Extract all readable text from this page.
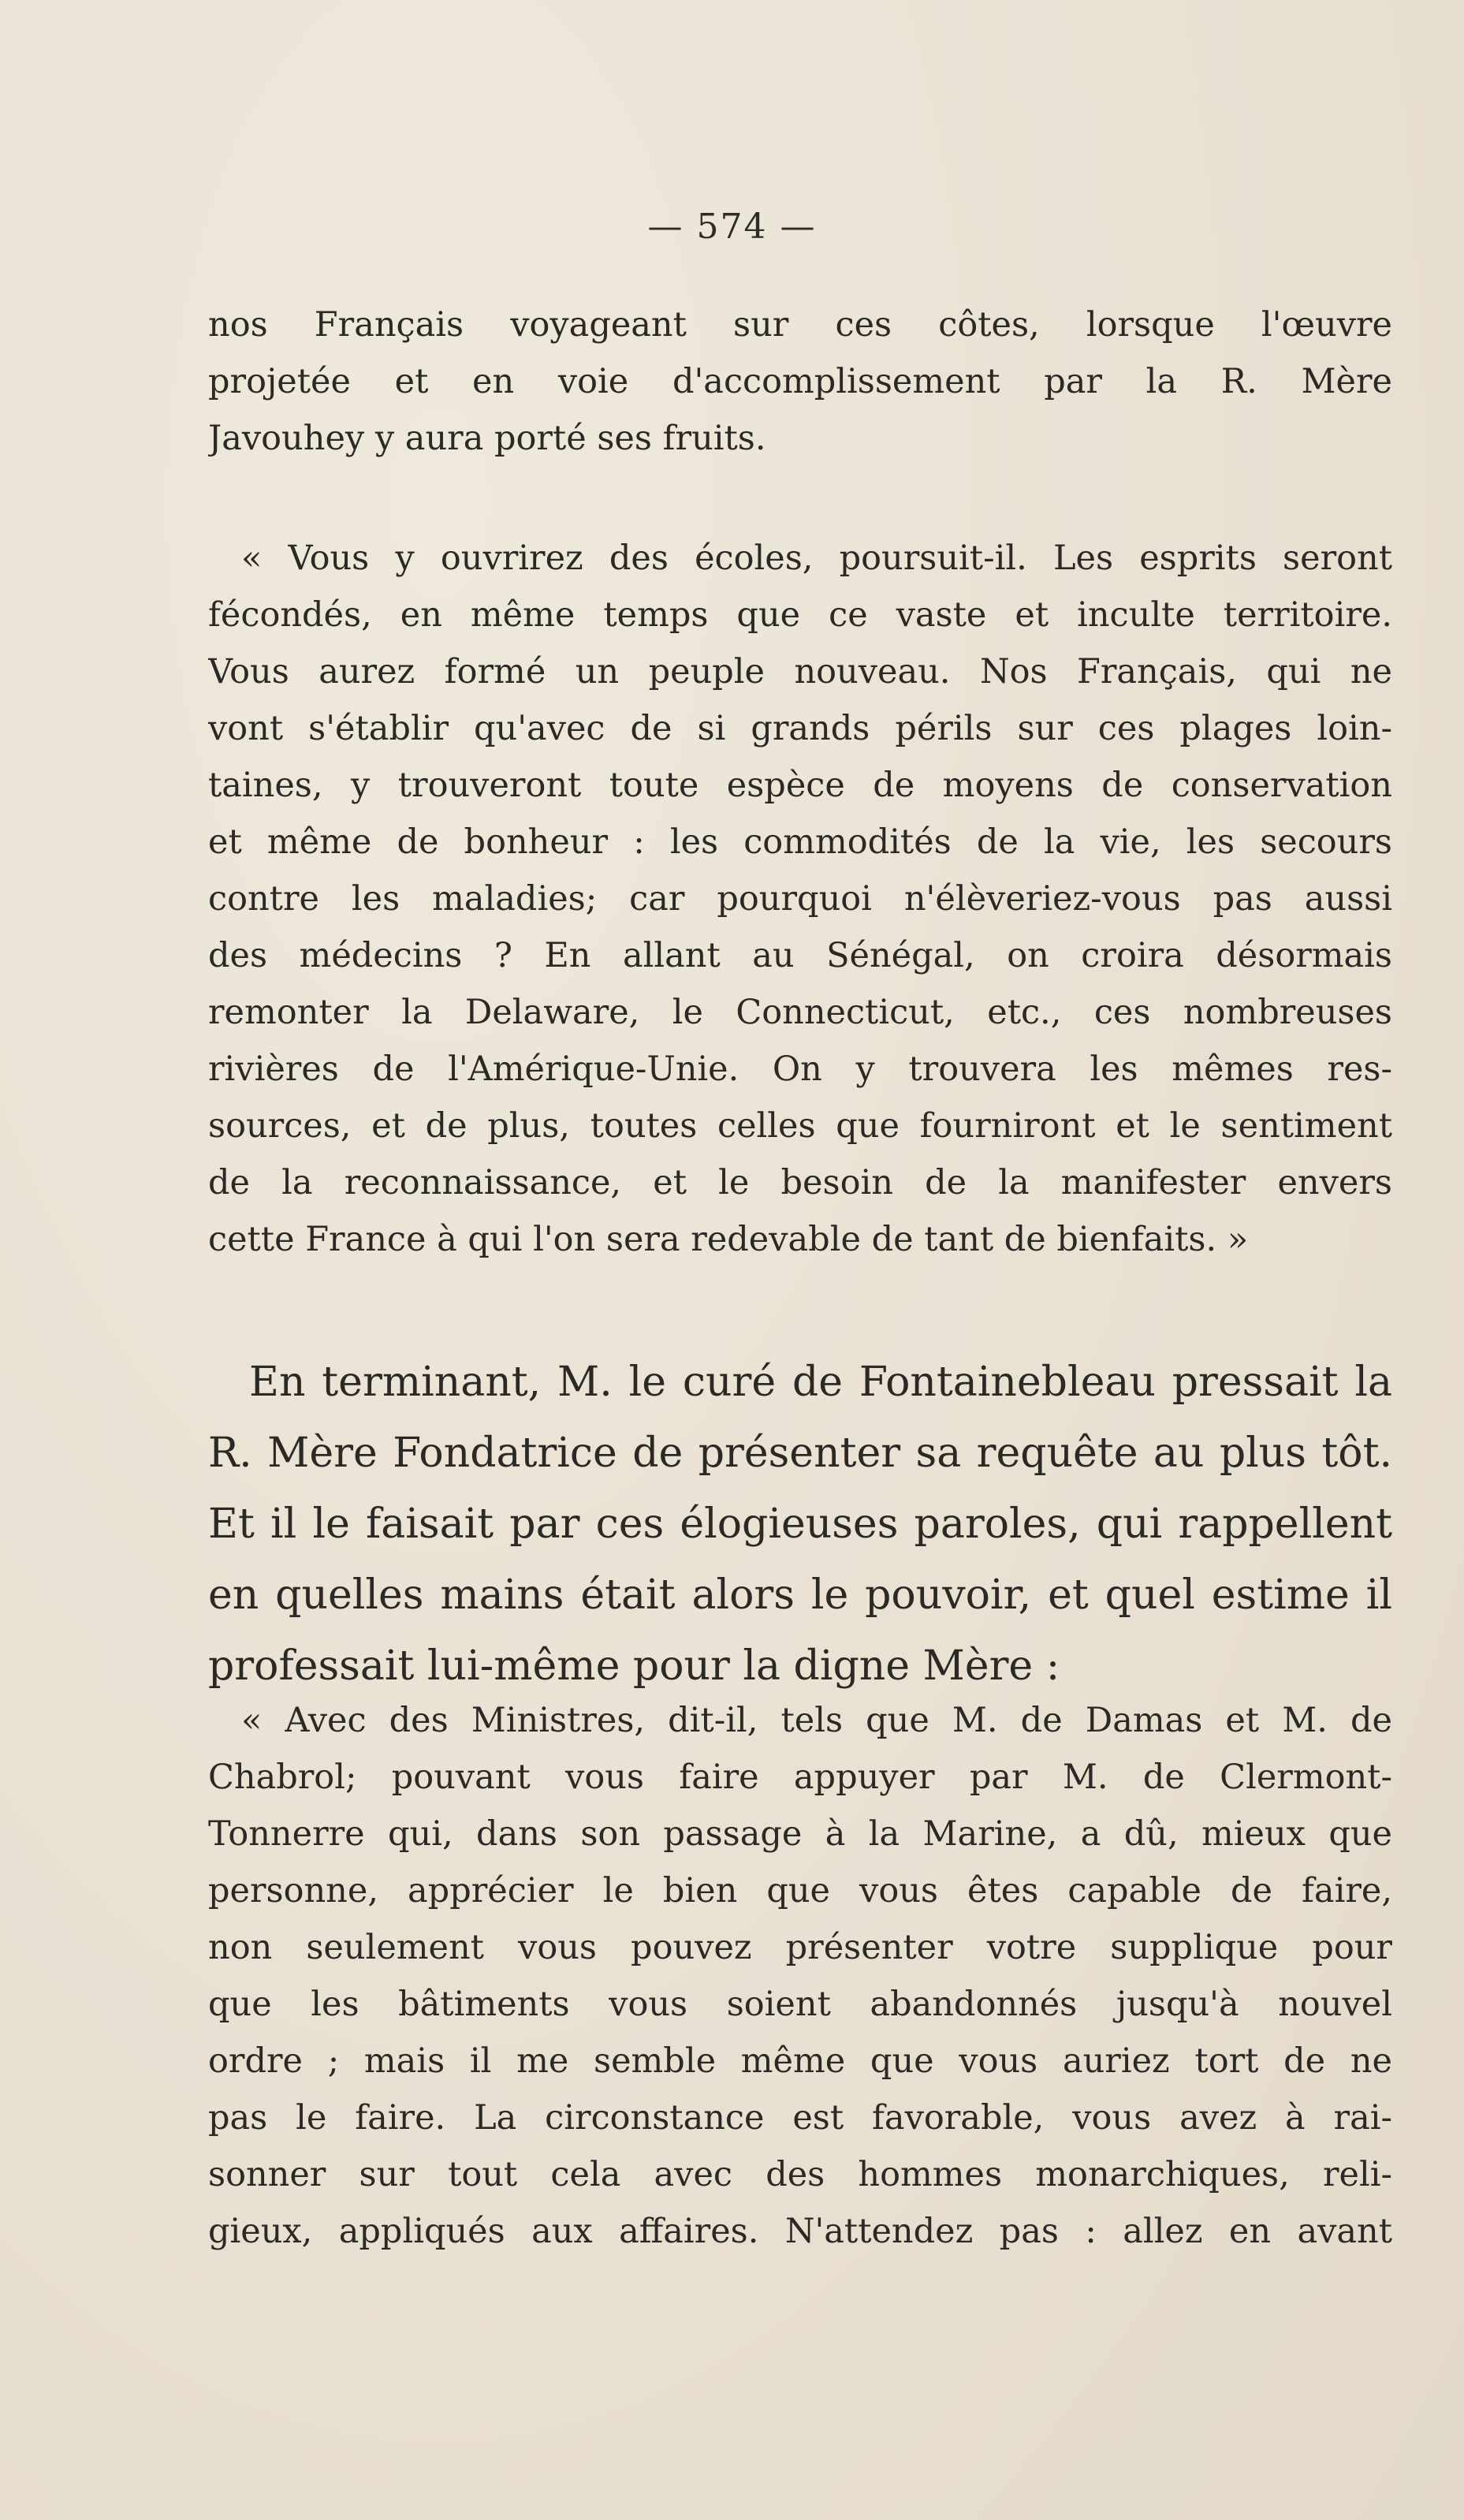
— 574 —
nos Français voyageant sur ces côtes, lorsque l'œuvre
projetée et en voie d'accomplissement par la R. Mère
Javouhey y aura porté ses fruits.
« Vous y ouvrirez des écoles, poursuit-il. Les esprits seront
fécondés, en même temps que ce vaste et inculte territoire.
Vous aurez formé un peuple nouveau. Nos Français, qui ne
vont s'établir qu'avec de si grands périls sur ces plages loin-
taines, y trouveront toute espèce de moyens de conservation
et même de bonheur : les commodités de la vie, les secours
contre les maladies; car pourquoi n'élèveriez-vous pas aussi
des médecins ? En allant au Sénégal, on croira désormais
remonter la Delaware, le Connecticut, etc., ces nombreuses
rivières de l'Amérique-Unie. On y trouvera les mêmes res-
sources, et de plus, toutes celles que fourniront et le sentiment
de la reconnaissance, et le besoin de la manifester envers
cette France à qui l'on sera redevable de tant de bienfaits. »
En terminant, M. le curé de Fontainebleau pressait la
R. Mère Fondatrice de présenter sa requête au plus tôt.
Et il le faisait par ces élogieuses paroles, qui rappellent
en quelles mains était alors le pouvoir, et quel estime il
professait lui-même pour la digne Mère :
« Avec des Ministres, dit-il, tels que M. de Damas et M. de
Chabrol; pouvant vous faire appuyer par M. de Clermont-
Tonnerre qui, dans son passage à la Marine, a dû, mieux que
personne, apprécier le bien que vous êtes capable de faire,
non seulement vous pouvez présenter votre supplique pour
que les bâtiments vous soient abandonnés jusqu'à nouvel
ordre ; mais il me semble même que vous auriez tort de ne
pas le faire. La circonstance est favorable, vous avez à rai-
sonner sur tout cela avec des hommes monarchiques, reli-
gieux, appliqués aux affaires. N'attendez pas : allez en avant
